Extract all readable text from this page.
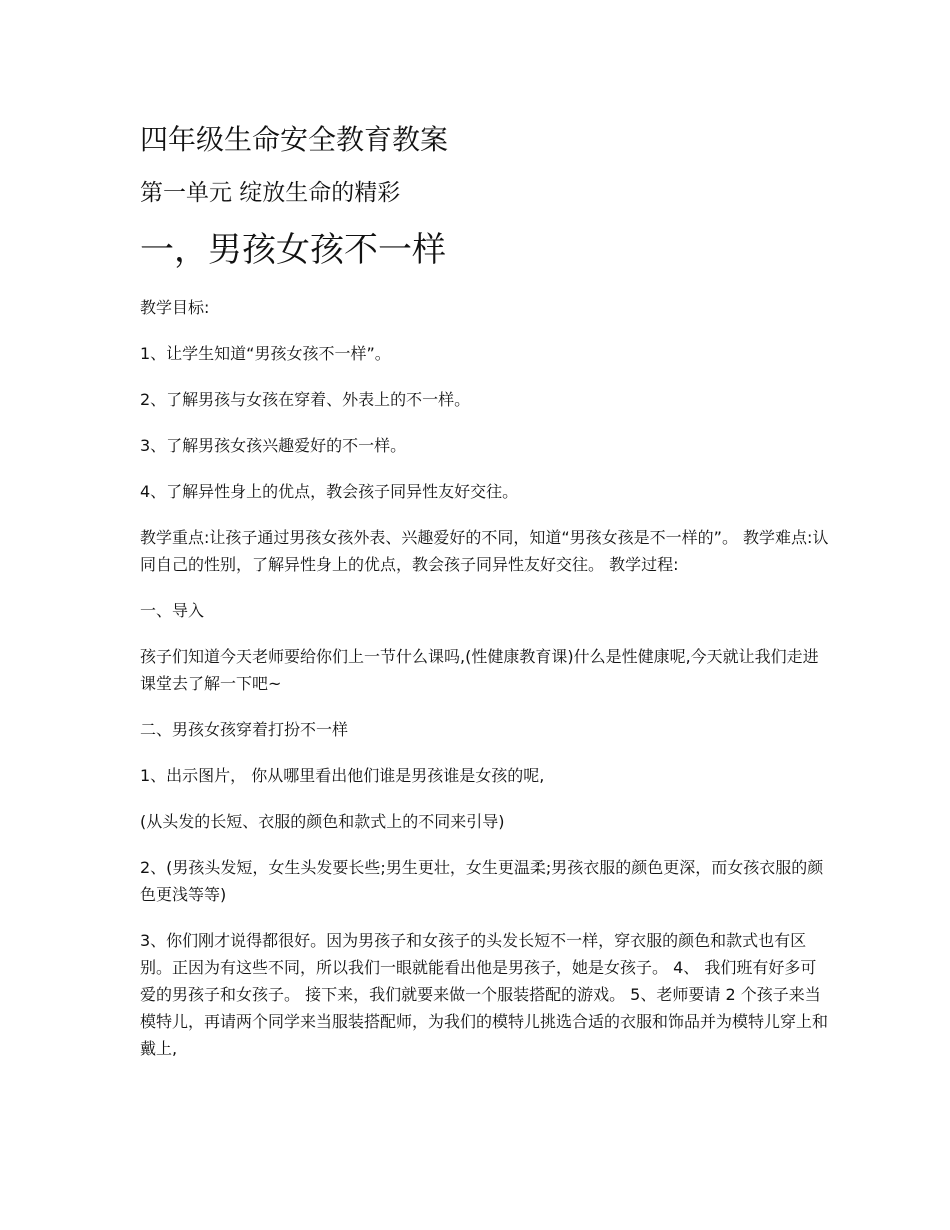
四年级生命安全教育教案
第一单元 绽放生命的精彩
一，男孩女孩不一样

教学目标:

1、让学生知道“男孩女孩不一样”。

2、了解男孩与女孩在穿着、外表上的不一样。

3、了解男孩女孩兴趣爱好的不一样。

4、了解异性身上的优点，教会孩子同异性友好交往。

教学重点:让孩子通过男孩女孩外表、兴趣爱好的不同，知道“男孩女孩是不一样的”。 教学难点:认同自己的性别，了解异性身上的优点，教会孩子同异性友好交往。 教学过程:

一、导入

孩子们知道今天老师要给你们上一节什么课吗,(性健康教育课)什么是性健康呢,今天就让我们走进课堂去了解一下吧~

二、男孩女孩穿着打扮不一样

1、出示图片， 你从哪里看出他们谁是男孩谁是女孩的呢,

(从头发的长短、衣服的颜色和款式上的不同来引导)

2、(男孩头发短，女生头发要长些;男生更壮，女生更温柔;男孩衣服的颜色更深，而女孩衣服的颜色更浅等等)

3、你们刚才说得都很好。因为男孩子和女孩子的头发长短不一样，穿衣服的颜色和款式也有区别。正因为有这些不同，所以我们一眼就能看出他是男孩子，她是女孩子。 4、 我们班有好多可爱的男孩子和女孩子。 接下来，我们就要来做一个服装搭配的游戏。 5、老师要请 2 个孩子来当模特儿，再请两个同学来当服装搭配师，为我们的模特儿挑选合适的衣服和饰品并为模特儿穿上和戴上,
